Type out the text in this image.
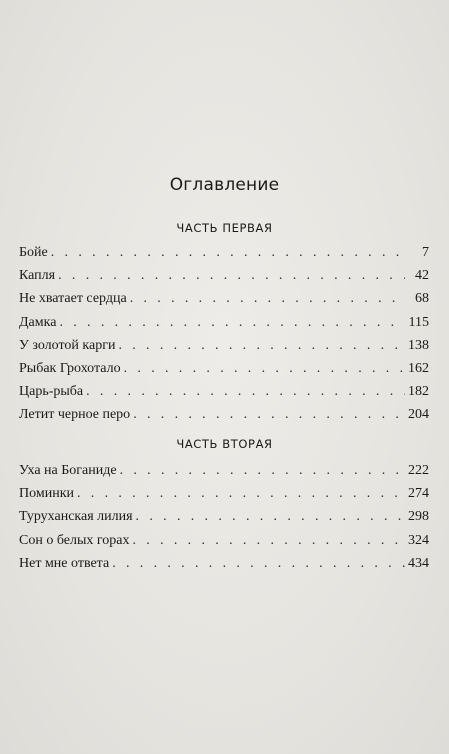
Оглавление
ЧАСТЬ ПЕРВАЯ
Бойе . . .	7
Капля . . .	42
Не хватает сердца . . .	68
Дамка . . .	115
У золотой карги . . .	138
Рыбак Грохотало . . .	162
Царь-рыба . . .	182
Летит черное перо . . .	204
ЧАСТЬ ВТОРАЯ
Уха на Боганиде . . .	222
Поминки . . .	274
Туруханская лилия . . .	298
Сон о белых горах . . .	324
Нет мне ответа . . .	434
